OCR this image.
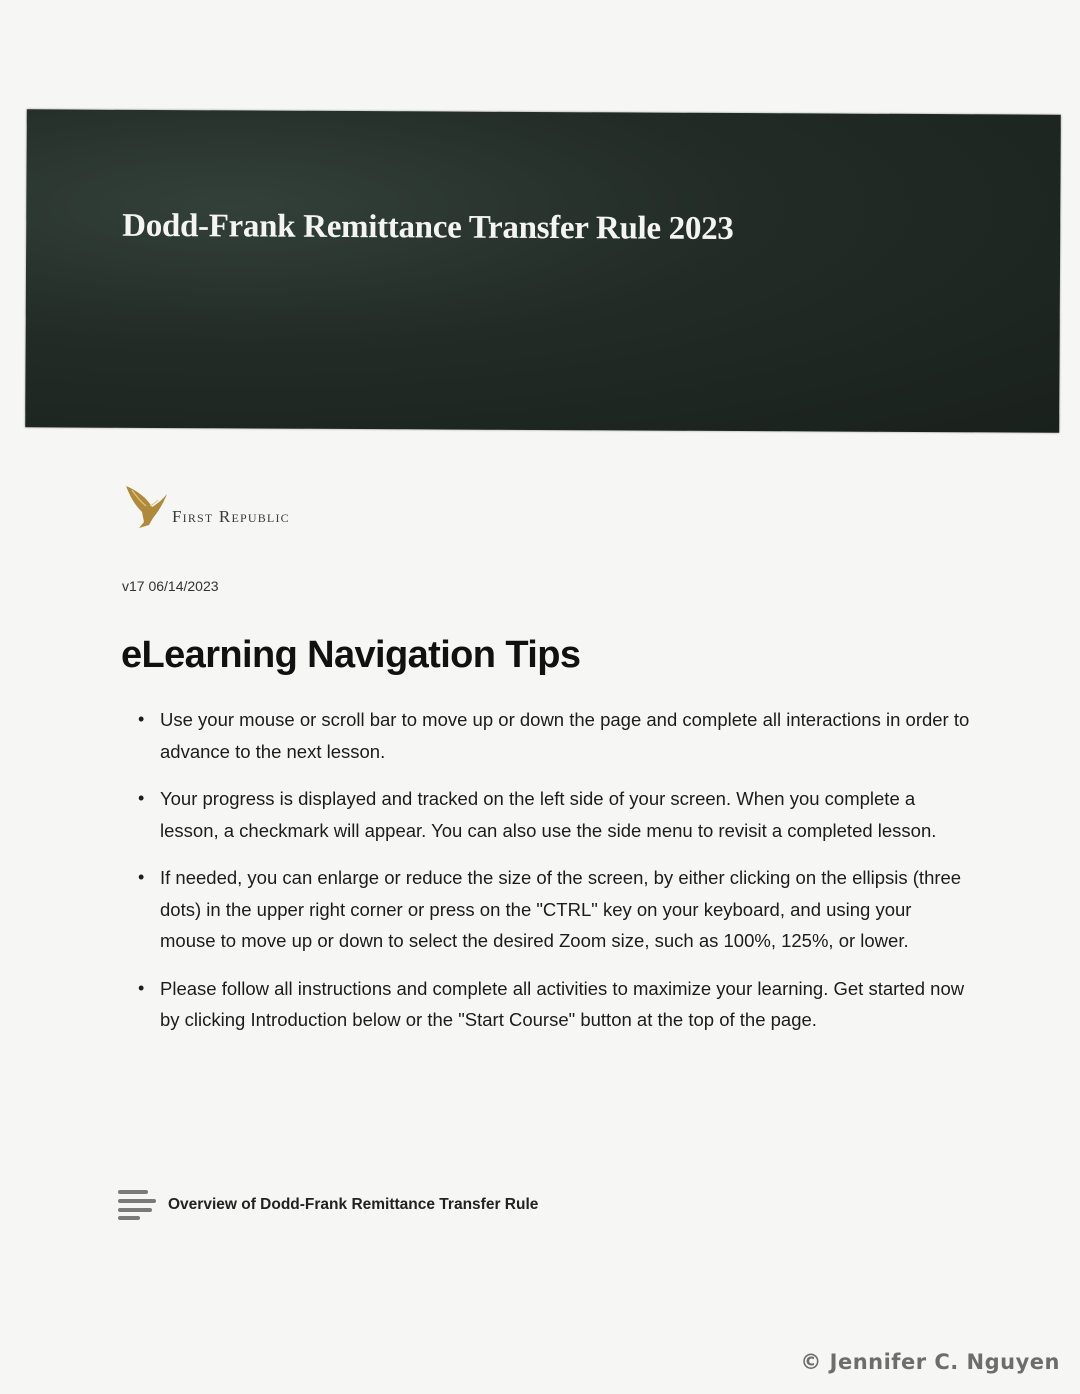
Dodd-Frank Remittance Transfer Rule 2023
First Republic
v17 06/14/2023
eLearning Navigation Tips
• Use your mouse or scroll bar to move up or down the page and complete all interactions in order to advance to the next lesson.
• Your progress is displayed and tracked on the left side of your screen. When you complete a lesson, a checkmark will appear. You can also use the side menu to revisit a completed lesson.
• If needed, you can enlarge or reduce the size of the screen, by either clicking on the ellipsis (three dots) in the upper right corner or press on the "CTRL" key on your keyboard, and using your mouse to move up or down to select the desired Zoom size, such as 100%, 125%, or lower.
• Please follow all instructions and complete all activities to maximize your learning. Get started now by clicking Introduction below or the "Start Course" button at the top of the page.
Overview of Dodd-Frank Remittance Transfer Rule
© Jennifer C. Nguyen
